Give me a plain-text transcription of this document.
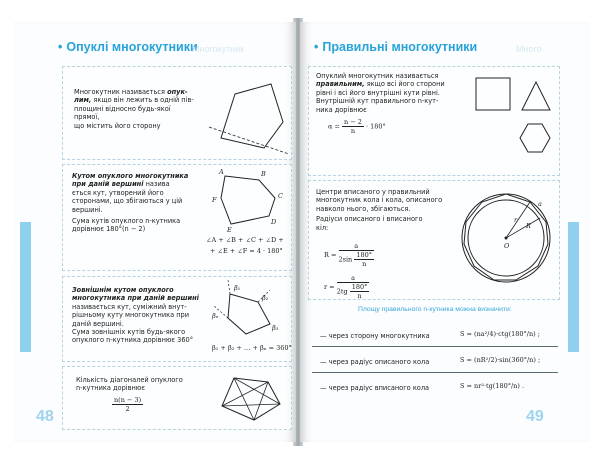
• Опуклі многокутники
Многокутник
Многокутники
48
Многокутник називається опук-
лим, якщо він лежить в одній пів-
площині відносно будь-якої прямої,
що містить його сторону
Кутом опуклого многокутника
при даній вершині назива
ється кут, утворений його
сторонами, що збігаються у цій вершині.
Сума кутів опуклого n-кутника
дорівнює 180°(n − 2)
A	B
C
D
E
F
∠A + ∠B + ∠C + ∠D +
+ ∠E + ∠F = 4 · 180°
Зовнішнім кутом опуклого
многокутника при даній вершині
називається кут, суміжний внут-
рішньому куту многокутника при
даній вершині.
Сума зовнішніх кутів будь-якого
опуклого n-кутника дорівнює 360°
β₁
β₂
β₃
βₙ
β₁ + β₂ + … + βₙ = 360°
Кількість діагоналей опуклого
n-кутника дорівнює
$\frac{n(n - 3)}{2}$
• Правильні многокутники	Много
Многокутники
49
Опуклий многокутник називається
правильним, якщо всі його сторони
рівні і всі його внутрішні кути рівні.
Внутрішній кут правильного n-кут-
ника дорівнює
$\alpha = \frac{n - 2}{n} \cdot 180^\circ$
Центри вписаного у правильний
многокутник кола і кола, описаного
навколо нього, збігаються.
Радіуси описаного і вписаного
кіл:
$R = \frac{a}{2\sin \frac{180^\circ}{n}}$
$r = \frac{a}{2tg \frac{180^\circ}{n}}$
a
r
R
O
Площу правильного n-кутника можна визначити:
— через сторону многокутника	S = (na²/4)·ctg(180°/n) ;
— через радіус описаного кола	S = (nR²/2)·sin(360°/n) ;
— через радіус вписаного кола	S = nr²·tg(180°/n) .
